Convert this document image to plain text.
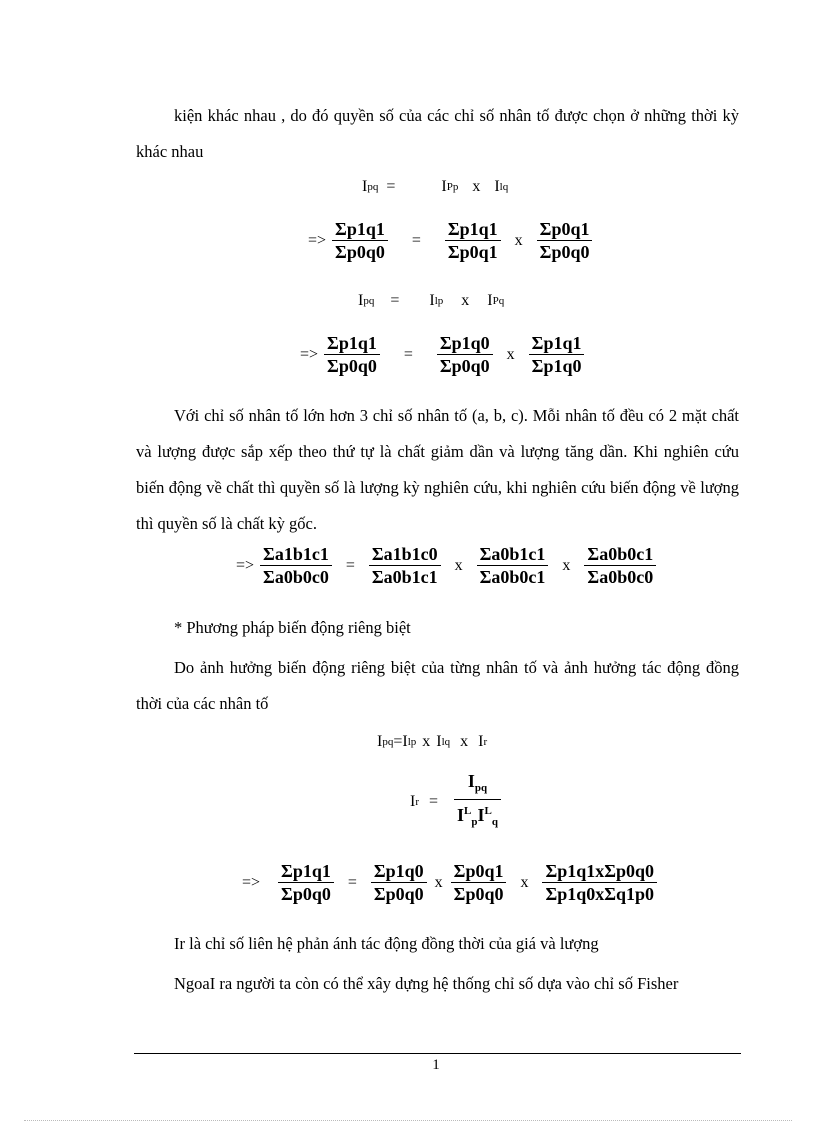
kiện khác nhau , do đó quyền số của các chỉ số nhân tố được chọn ở những thời kỳ khác nhau

I pq =	I P p x I l q
=> $\frac{\Sigma p1q1}{\Sigma p0q0} = \frac{\Sigma p1q1}{\Sigma p0q1}$ x $\frac{\Sigma p0q1}{\Sigma p0q0}$
I pq = I l p x I P q
=> $\frac{\Sigma p1q1}{\Sigma p0q0} = \frac{\Sigma p1q0}{\Sigma p0q0}$ x $\frac{\Sigma p1q1}{\Sigma p1q0}$

Với chỉ số nhân tố lớn hơn 3 chỉ số nhân tố (a, b, c). Mỗi nhân tố đều có 2 mặt chất và lượng được sắp xếp theo thứ tự là chất giảm dần và lượng tăng dần. Khi nghiên cứu biến động về chất thì quyền số là lượng kỳ nghiên cứu, khi nghiên cứu biến động về lượng thì quyền số là chất kỳ gốc.

=> $\frac{\Sigma a1b1c1}{\Sigma a0b0c0} = \frac{\Sigma a1b1c0}{\Sigma a0b1c1}$ x $\frac{\Sigma a0b1c1}{\Sigma a0b0c1}$ x $\frac{\Sigma a0b0c1}{\Sigma a0b0c0}$

* Phương pháp biến động riêng biệt

Do ảnh hưởng biến động riêng biệt của từng nhân tố và ảnh hưởng tác động đồng thời của các nhân tố

I pq = I l p x I l q x I r
I $r = \frac{I_{pq}}{I^L_pI^L_q}$
=> $\frac{\Sigma p1q1}{\Sigma p0q0} = \frac{\Sigma p1q0}{\Sigma p0q0}$ x $\frac{\Sigma p0q1}{\Sigma p0q0}$ x $\frac{\text{Σp1q1xΣp0q0}}{\text{Σp1q0xΣq1p0}}$

Ir là chỉ số liên hệ phản ánh tác động đồng thời của giá và lượng

NgoaI ra người ta còn có thể xây dựng hệ thống chỉ số dựa vào chỉ số Fisher

1
